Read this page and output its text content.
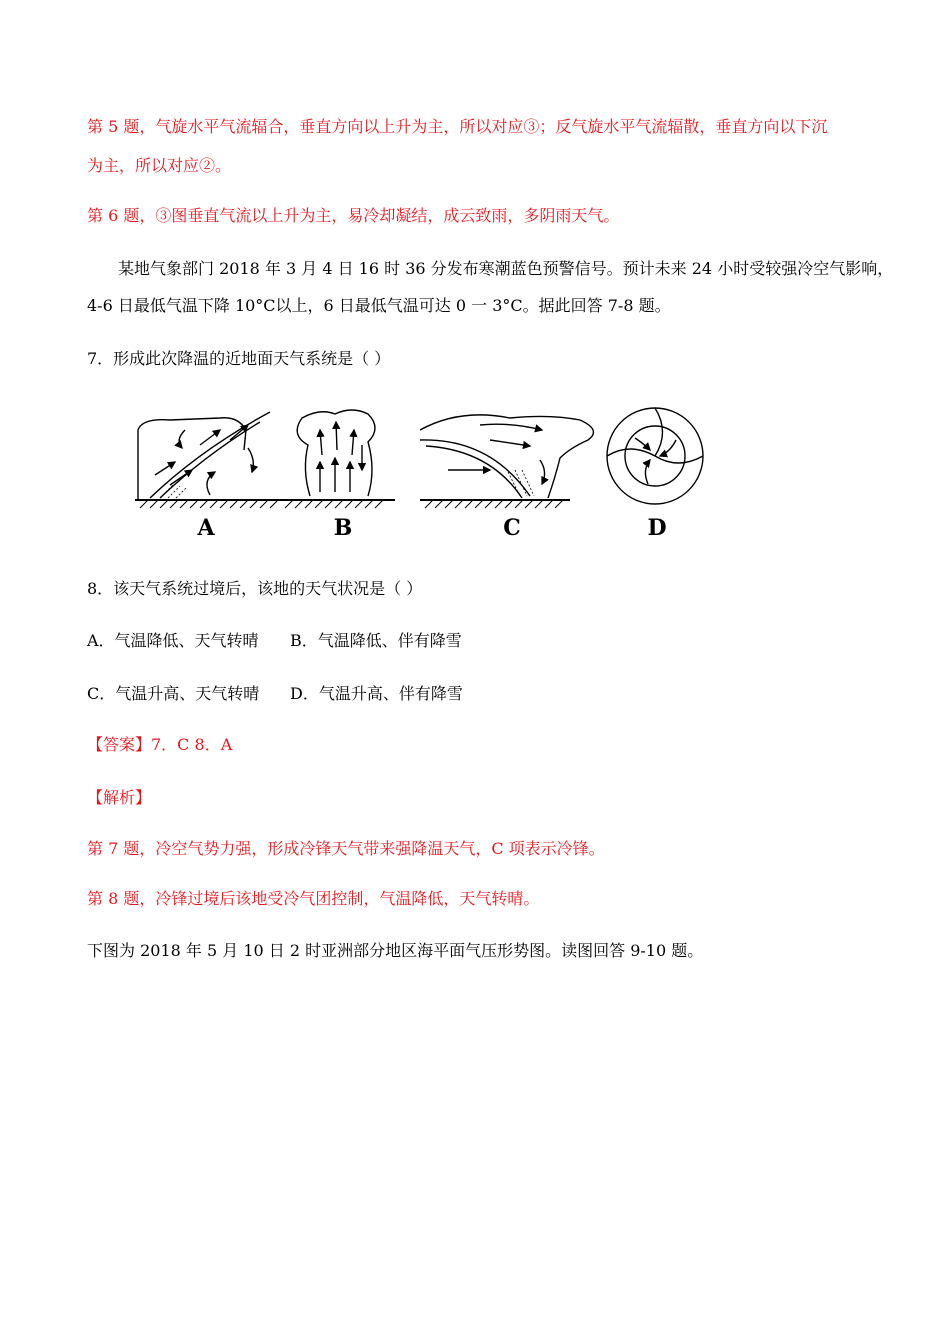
第 5 题，气旋水平气流辐合，垂直方向以上升为主，所以对应③；反气旋水平气流辐散，垂直方向以下沉
为主，所以对应②。
第 6 题，③图垂直气流以上升为主，易冷却凝结，成云致雨，多阴雨天气。
某地气象部门 2018 年 3 月 4 日 16 时 36 分发布寒潮蓝色预警信号。预计未来 24 小时受较强冷空气影响，
4-6 日最低气温下降 10°C以上，6 日最低气温可达 0 一 3°C。据此回答 7-8 题。
7．形成此次降温的近地面天气系统是（ ）
A	B	C	D
8．该天气系统过境后，该地的天气状况是（ ）
A．气温降低、天气转晴 B．气温降低、伴有降雪
C．气温升高、天气转晴 D．气温升高、伴有降雪
【答案】7．C 8．A
【解析】
第 7 题，冷空气势力强，形成冷锋天气带来强降温天气，C 项表示冷锋。
第 8 题，冷锋过境后该地受冷气团控制，气温降低，天气转晴。
下图为 2018 年 5 月 10 日 2 时亚洲部分地区海平面气压形势图。读图回答 9-10 题。
